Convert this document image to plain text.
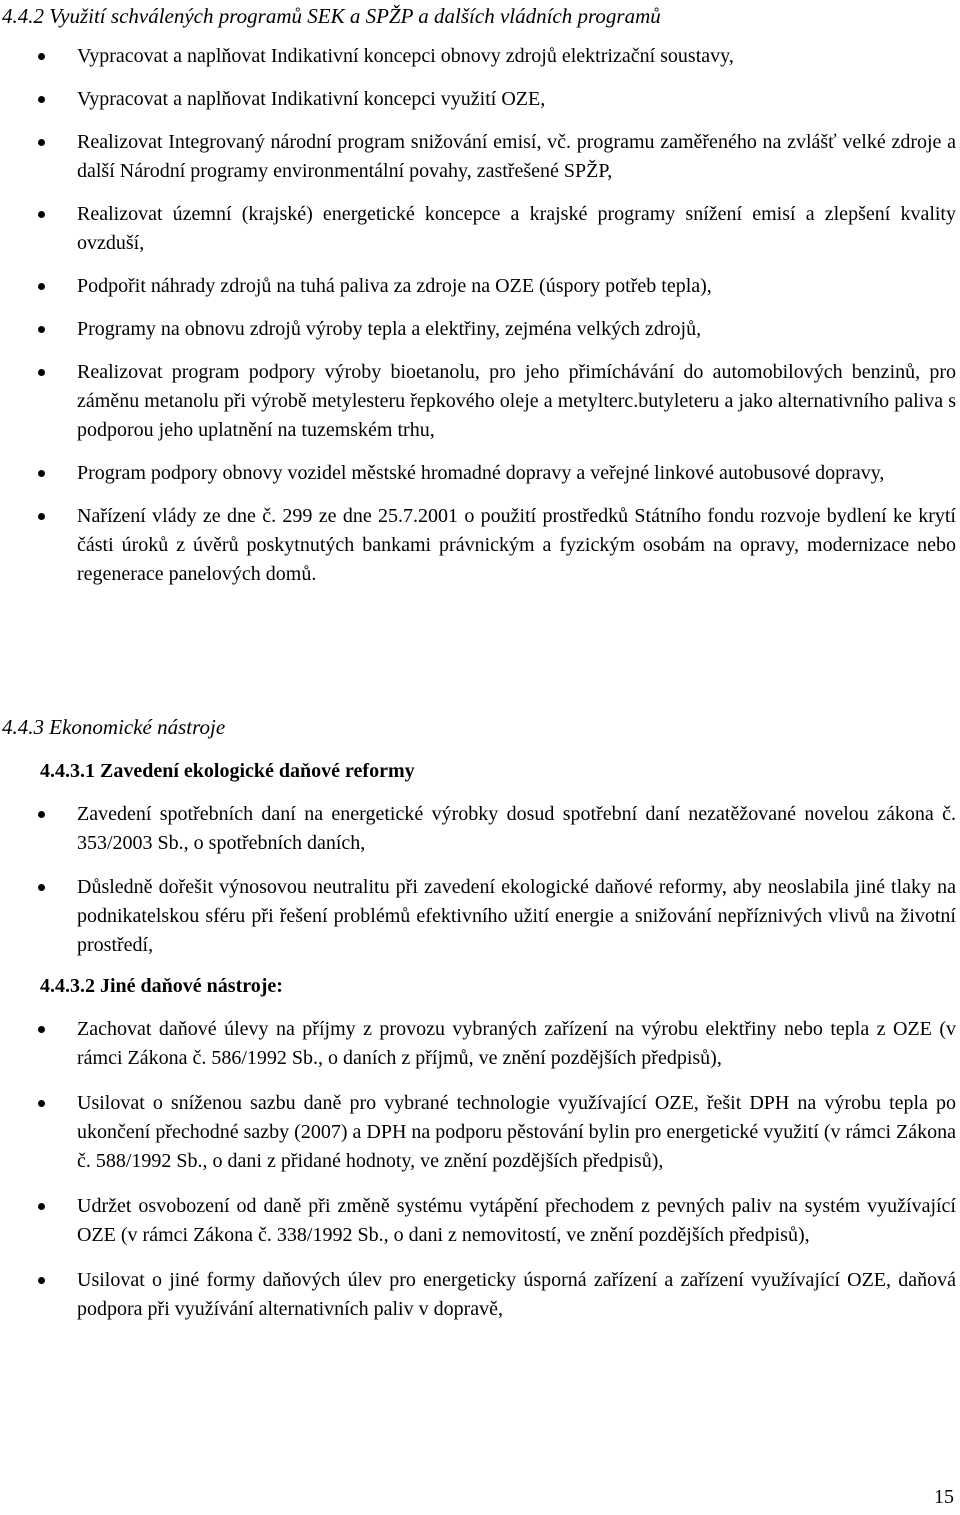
4.4.2 Využití schválených programů SEK a SPŽP a dalších vládních programů
Vypracovat a naplňovat Indikativní koncepci obnovy zdrojů elektrizační soustavy,
Vypracovat a naplňovat Indikativní koncepci využití OZE,
Realizovat Integrovaný národní program snižování emisí, vč. programu zaměřeného na zvlášť velké zdroje a další Národní programy environmentální povahy, zastřešené SPŽP,
Realizovat územní (krajské) energetické koncepce a krajské programy snížení emisí a zlepšení kvality ovzduší,
Podpořit náhrady zdrojů na tuhá paliva za zdroje na OZE (úspory potřeb tepla),
Programy na obnovu zdrojů výroby tepla a elektřiny, zejména velkých zdrojů,
Realizovat program podpory výroby bioetanolu, pro jeho přimíchávání do automobilových benzinů, pro záměnu metanolu při výrobě metylesteru řepkového oleje a metylterc.butyleteru a jako alternativního paliva s podporou jeho uplatnění na tuzemském trhu,
Program podpory obnovy vozidel městské hromadné dopravy a veřejné linkové autobusové dopravy,
Nařízení vlády ze dne č. 299 ze dne 25.7.2001 o použití prostředků Státního fondu rozvoje bydlení ke krytí části úroků z úvěrů poskytnutých bankami právnickým a fyzickým osobám na opravy, modernizace nebo regenerace panelových domů.
4.4.3 Ekonomické nástroje
4.4.3.1 Zavedení ekologické daňové reformy
Zavedení spotřebních daní na energetické výrobky dosud spotřební daní nezatěžované novelou zákona č. 353/2003 Sb., o spotřebních daních,
Důsledně dořešit výnosovou neutralitu při zavedení ekologické daňové reformy, aby neoslabila jiné tlaky na podnikatelskou sféru při řešení problémů efektivního užití energie a snižování nepříznivých vlivů na životní prostředí,
4.4.3.2 Jiné daňové nástroje:
Zachovat daňové úlevy na příjmy z provozu vybraných zařízení na výrobu elektřiny nebo tepla z OZE (v rámci Zákona č. 586/1992 Sb., o daních z příjmů, ve znění pozdějších předpisů),
Usilovat o sníženou sazbu daně pro vybrané technologie využívající OZE, řešit DPH na výrobu tepla po ukončení přechodné sazby (2007) a DPH na podporu pěstování bylin pro energetické využití (v rámci Zákona č. 588/1992 Sb., o dani z přidané hodnoty, ve znění pozdějších předpisů),
Udržet osvobození od daně při změně systému vytápění přechodem z pevných paliv na systém využívající OZE (v rámci Zákona č. 338/1992 Sb., o dani z nemovitostí, ve znění pozdějších předpisů),
Usilovat o jiné formy daňových úlev pro energeticky úsporná zařízení a zařízení využívající OZE, daňová podpora při využívání alternativních paliv v dopravě,
15
